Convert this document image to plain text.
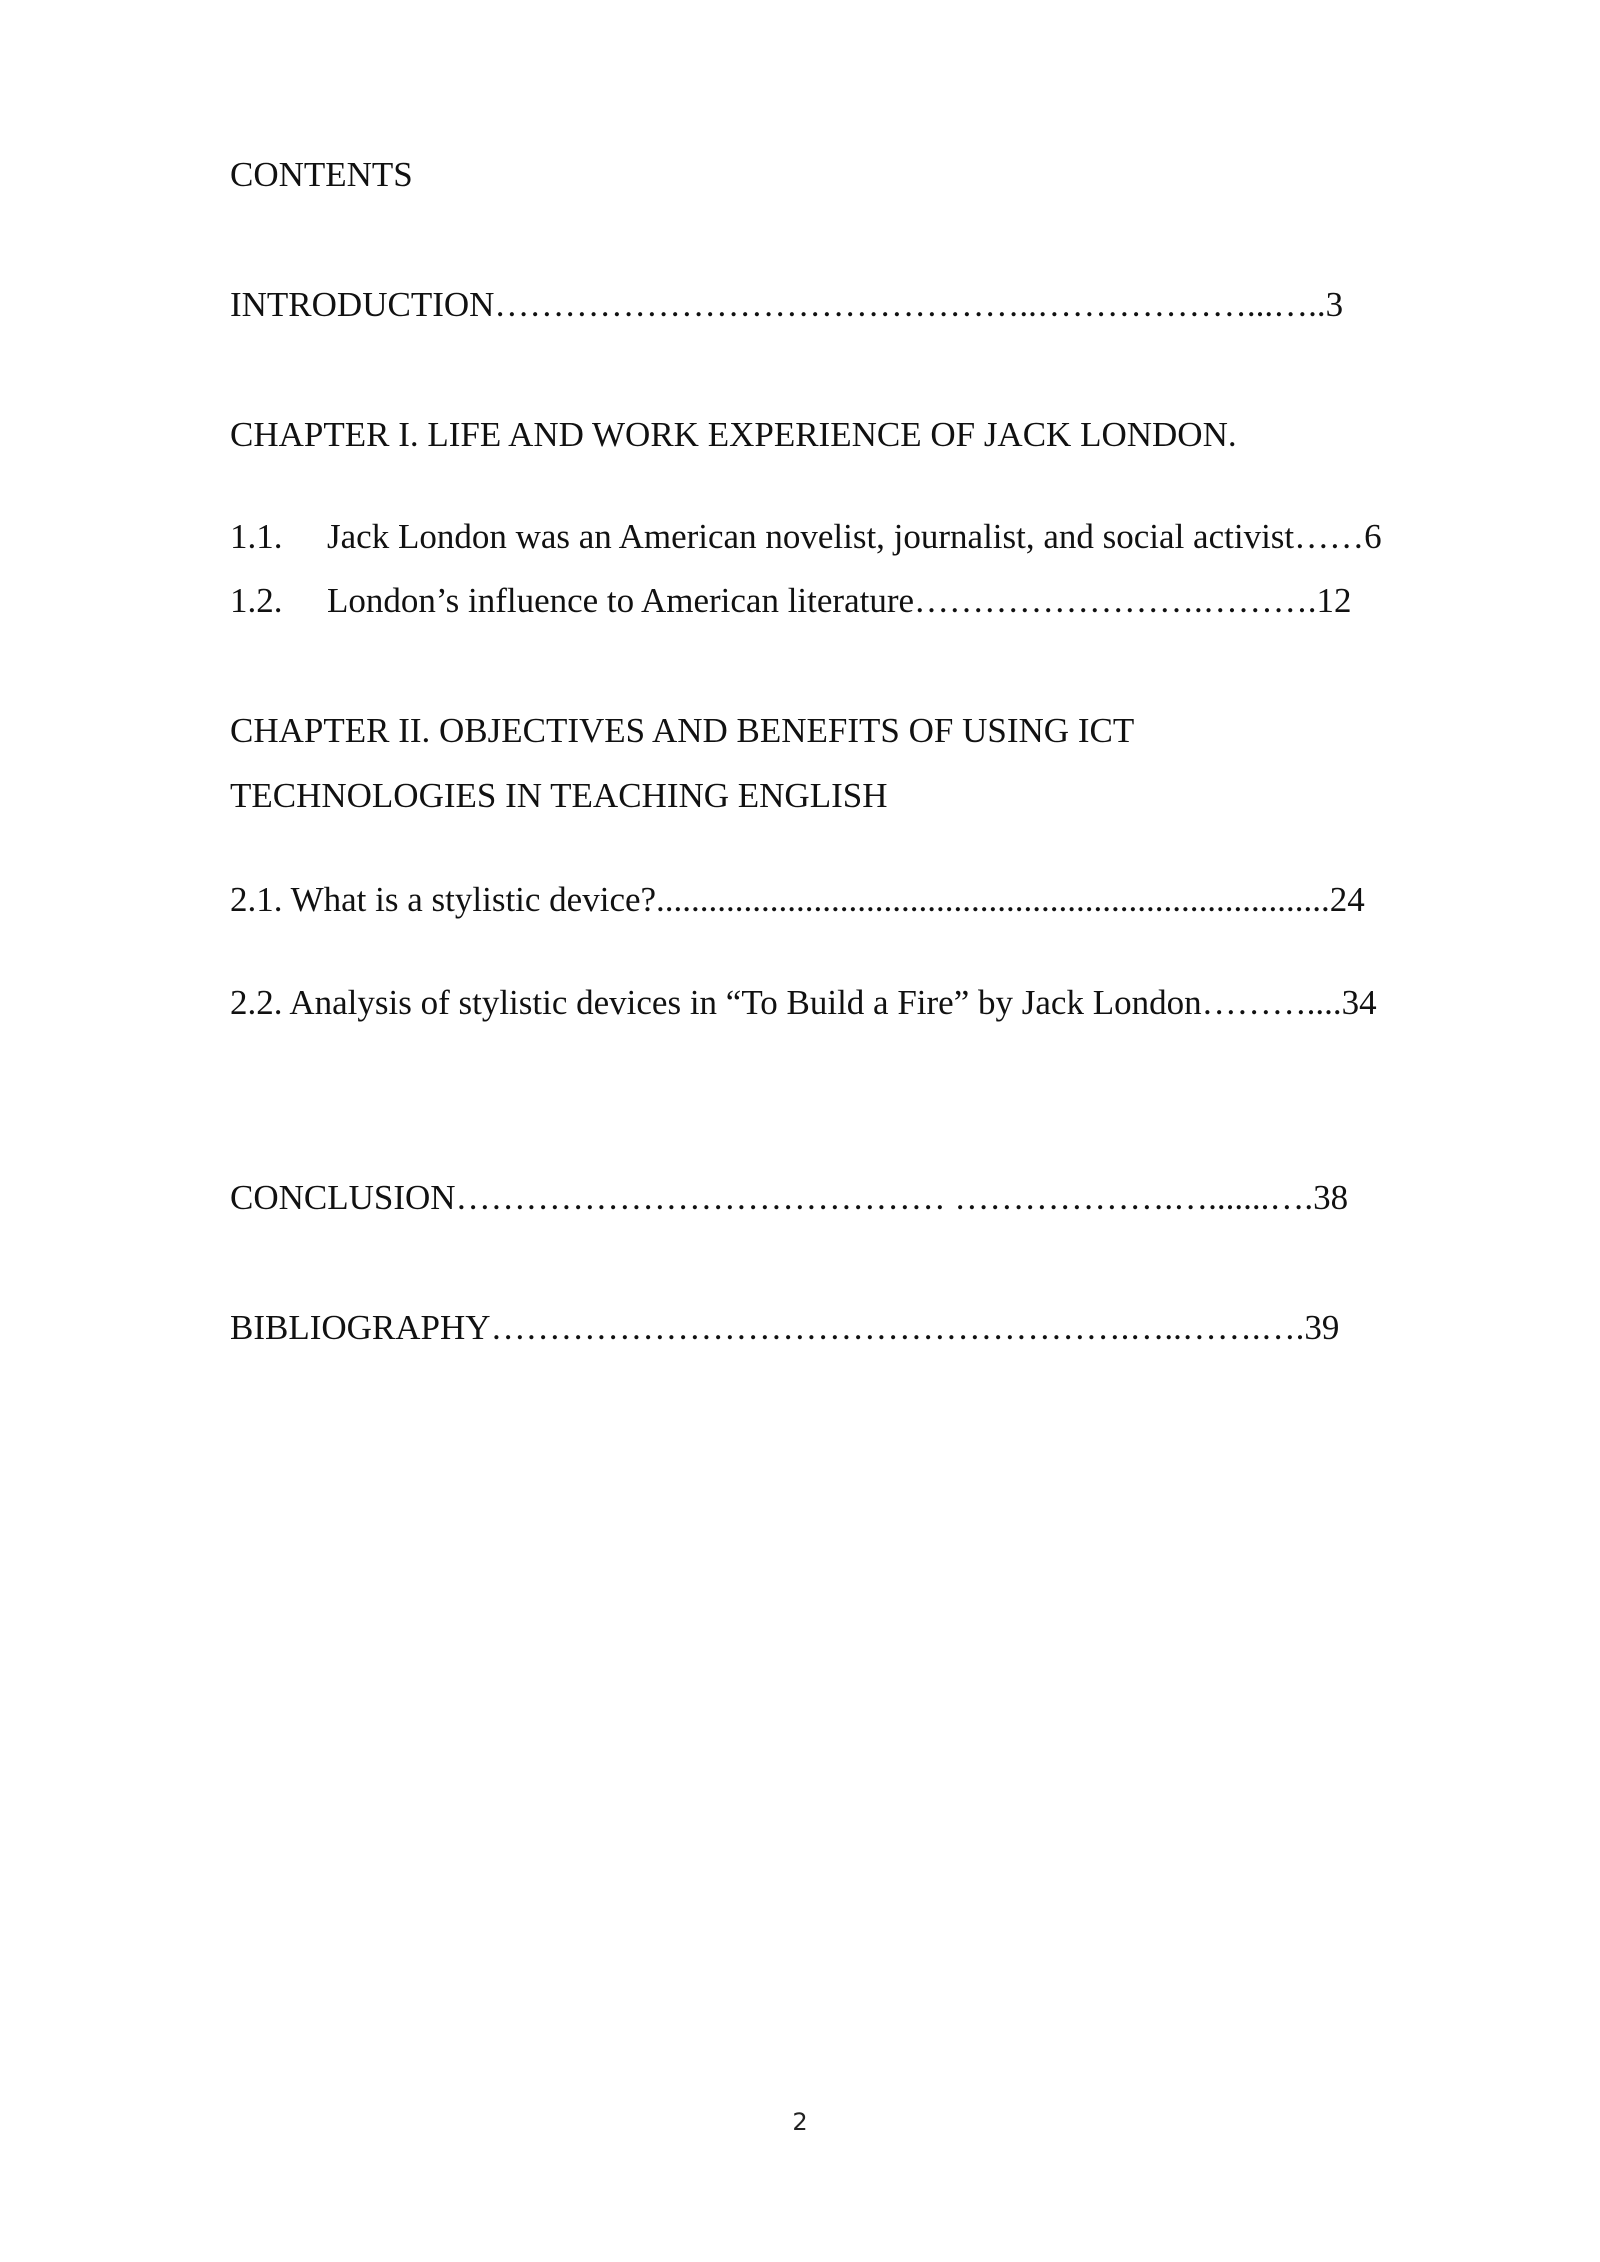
CONTENTS
INTRODUCTION………………………………………..………………...…..3
CHAPTER I. LIFE AND WORK EXPERIENCE OF JACK LONDON.
1.1. Jack London was an American novelist, journalist, and social activist……6
1.2. London’s influence to American literature…………………….……….12
CHAPTER II. OBJECTIVES AND BENEFITS OF USING ICT
TECHNOLOGIES IN TEACHING ENGLISH
2.1. What is a stylistic device?.............................................................................24
2.2. Analysis of stylistic devices in “To Build a Fire” by Jack London………....34
CONCLUSION…………………………………… ……………….….......….38
BIBLIOGRAPHY……………………………………………….…..…….….39
2
